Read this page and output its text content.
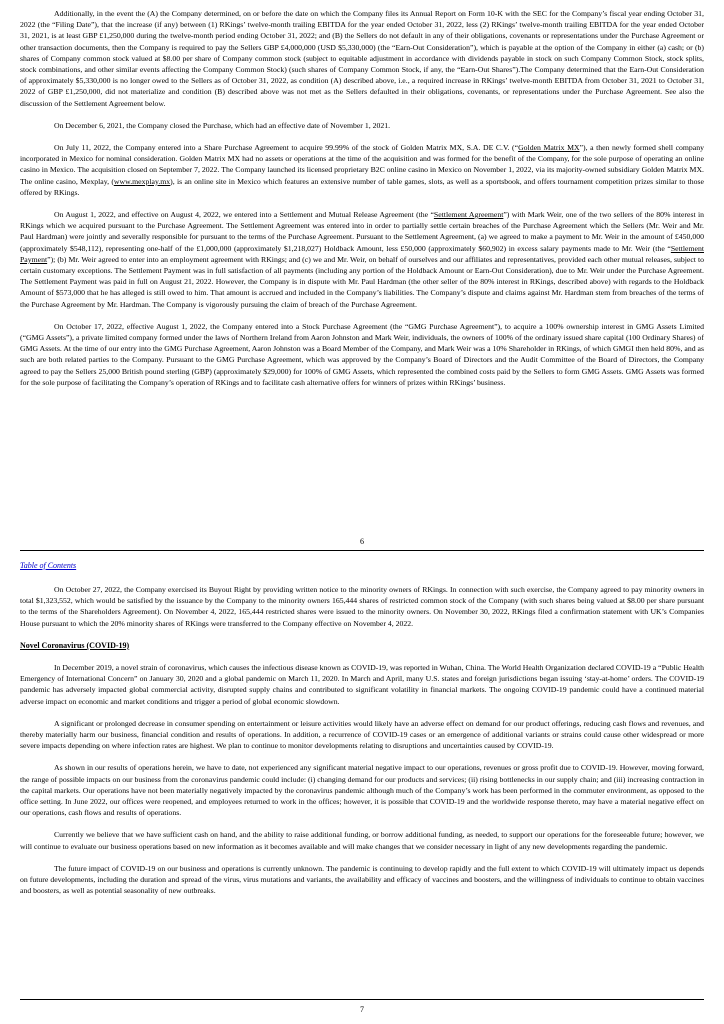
Additionally, in the event the (A) the Company determined, on or before the date on which the Company files its Annual Report on Form 10-K with the SEC for the Company’s fiscal year ending October 31, 2022 (the “Filing Date”), that the increase (if any) between (1) RKings’ twelve-month trailing EBITDA for the year ended October 31, 2022, less (2) RKings’ twelve-month trailing EBITDA for the year ended October 31, 2021, is at least GBP £1,250,000 during the twelve-month period ending October 31, 2022; and (B) the Sellers do not default in any of their obligations, covenants or representations under the Purchase Agreement or other transaction documents, then the Company is required to pay the Sellers GBP £4,000,000 (USD $5,330,000) (the “Earn-Out Consideration”), which is payable at the option of the Company in either (a) cash; or (b) shares of Company common stock valued at $8.00 per share of Company common stock (subject to equitable adjustment in accordance with dividends payable in stock on such Company Common Stock, stock splits, stock combinations, and other similar events affecting the Company Common Stock) (such shares of Company Common Stock, if any, the “Earn-Out Shares”).The Company determined that the Earn-Out Consideration of approximately $5,330,000 is no longer owed to the Sellers as of October 31, 2022, as condition (A) described above, i.e., a required increase in RKings’ twelve-month EBITDA from October 31, 2021 to October 31, 2022 of GBP £1,250,000, did not materialize and condition (B) described above was not met as the Sellers defaulted in their obligations, covenants, or representations under the Purchase Agreement. See also the discussion of the Settlement Agreement below.

On December 6, 2021, the Company closed the Purchase, which had an effective date of November 1, 2021.

On July 11, 2022, the Company entered into a Share Purchase Agreement to acquire 99.99% of the stock of Golden Matrix MX, S.A. DE C.V. (“Golden Matrix MX”), a then newly formed shell company incorporated in Mexico for nominal consideration. Golden Matrix MX had no assets or operations at the time of the acquisition and was formed for the benefit of the Company, for the sole purpose of operating an online casino in Mexico. The acquisition closed on September 7, 2022. The Company launched its licensed proprietary B2C online casino in Mexico on November 1, 2022, via its majority-owned subsidiary Golden Matrix MX. The online casino, Mexplay, (www.mexplay.mx), is an online site in Mexico which features an extensive number of table games, slots, as well as a sportsbook, and offers tournament competition prizes similar to those offered by RKings.

On August 1, 2022, and effective on August 4, 2022, we entered into a Settlement and Mutual Release Agreement (the “Settlement Agreement”) with Mark Weir, one of the two sellers of the 80% interest in RKings which we acquired pursuant to the Purchase Agreement. The Settlement Agreement was entered into in order to partially settle certain breaches of the Purchase Agreement which the Sellers (Mr. Weir and Mr. Paul Hardman) were jointly and severally responsible for pursuant to the terms of the Purchase Agreement. Pursuant to the Settlement Agreement, (a) we agreed to make a payment to Mr. Weir in the amount of £450,000 (approximately $548,112), representing one-half of the £1,000,000 (approximately $1,218,027) Holdback Amount, less £50,000 (approximately $60,902) in excess salary payments made to Mr. Weir (the “Settlement Payment”); (b) Mr. Weir agreed to enter into an employment agreement with RKings; and (c) we and Mr. Weir, on behalf of ourselves and our affiliates and representatives, provided each other mutual releases, subject to certain customary exceptions. The Settlement Payment was in full satisfaction of all payments (including any portion of the Holdback Amount or Earn-Out Consideration), due to Mr. Weir under the Purchase Agreement. The Settlement Payment was paid in full on August 21, 2022. However, the Company is in dispute with Mr. Paul Hardman (the other seller of the 80% interest in RKings, described above) with regards to the Holdback Amount of $573,000 that he has alleged is still owed to him. That amount is accrued and included in the Company’s liabilities. The Company’s dispute and claims against Mr. Hardman stem from breaches of the terms of the Purchase Agreement by Mr. Hardman. The Company is vigorously pursuing the claim of breach of the Purchase Agreement.

On October 17, 2022, effective August 1, 2022, the Company entered into a Stock Purchase Agreement (the “GMG Purchase Agreement”), to acquire a 100% ownership interest in GMG Assets Limited (“GMG Assets”), a private limited company formed under the laws of Northern Ireland from Aaron Johnston and Mark Weir, individuals, the owners of 100% of the ordinary issued share capital (100 Ordinary Shares) of GMG Assets. At the time of our entry into the GMG Purchase Agreement, Aaron Johnston was a Board Member of the Company, and Mark Weir was a 10% Shareholder in RKings, of which GMGI then held 80%, and as such are both related parties to the Company. Pursuant to the GMG Purchase Agreement, which was approved by the Company’s Board of Directors and the Audit Committee of the Board of Directors, the Company agreed to pay the Sellers 25,000 British pound sterling (GBP) (approximately $29,000) for 100% of GMG Assets, which represented the combined costs paid by the Sellers to form GMG Assets. GMG Assets was formed for the sole purpose of facilitating the Company’s operation of RKings and to facilitate cash alternative offers for winners of prizes within RKings’ business.

6
Table of Contents

On October 27, 2022, the Company exercised its Buyout Right by providing written notice to the minority owners of RKings. In connection with such exercise, the Company agreed to pay minority owners in total $1,323,552, which would be satisfied by the issuance by the Company to the minority owners 165,444 shares of restricted common stock of the Company (with such shares being valued at $8.00 per share pursuant to the terms of the Shareholders Agreement). On November 4, 2022, 165,444 restricted shares were issued to the minority owners. On November 30, 2022, RKings filed a confirmation statement with UK’s Companies House pursuant to which the 20% minority shares of RKings were transferred to the Company effective on November 4, 2022.

Novel Coronavirus (COVID-19)

In December 2019, a novel strain of coronavirus, which causes the infectious disease known as COVID-19, was reported in Wuhan, China. The World Health Organization declared COVID-19 a “Public Health Emergency of International Concern” on January 30, 2020 and a global pandemic on March 11, 2020. In March and April, many U.S. states and foreign jurisdictions began issuing ‘stay-at-home’ orders. The COVID-19 pandemic has adversely impacted global commercial activity, disrupted supply chains and contributed to significant volatility in financial markets. The ongoing COVID-19 pandemic could have a continued material adverse impact on economic and market conditions and trigger a period of global economic slowdown.

A significant or prolonged decrease in consumer spending on entertainment or leisure activities would likely have an adverse effect on demand for our product offerings, reducing cash flows and revenues, and thereby materially harm our business, financial condition and results of operations. In addition, a recurrence of COVID-19 cases or an emergence of additional variants or strains could cause other widespread or more severe impacts depending on where infection rates are highest. We plan to continue to monitor developments relating to disruptions and uncertainties caused by COVID-19.

As shown in our results of operations herein, we have to date, not experienced any significant material negative impact to our operations, revenues or gross profit due to COVID-19. However, moving forward, the range of possible impacts on our business from the coronavirus pandemic could include: (i) changing demand for our products and services; (ii) rising bottlenecks in our supply chain; and (iii) increasing contraction in the capital markets. Our operations have not been materially negatively impacted by the coronavirus pandemic although much of the Company’s work has been performed in the commuter environment, as opposed to the office setting. In June 2022, our offices were reopened, and employees returned to work in the offices; however, it is possible that COVID-19 and the worldwide response thereto, may have a material negative effect on our operations, cash flows and results of operations.

Currently we believe that we have sufficient cash on hand, and the ability to raise additional funding, or borrow additional funding, as needed, to support our operations for the foreseeable future; however, we will continue to evaluate our business operations based on new information as it becomes available and will make changes that we consider necessary in light of any new developments regarding the pandemic.

The future impact of COVID-19 on our business and operations is currently unknown. The pandemic is continuing to develop rapidly and the full extent to which COVID-19 will ultimately impact us depends on future developments, including the duration and spread of the virus, virus mutations and variants, the availability and efficacy of vaccines and boosters, and the willingness of individuals to continue to obtain vaccines and boosters, as well as potential seasonality of new outbreaks.

7
